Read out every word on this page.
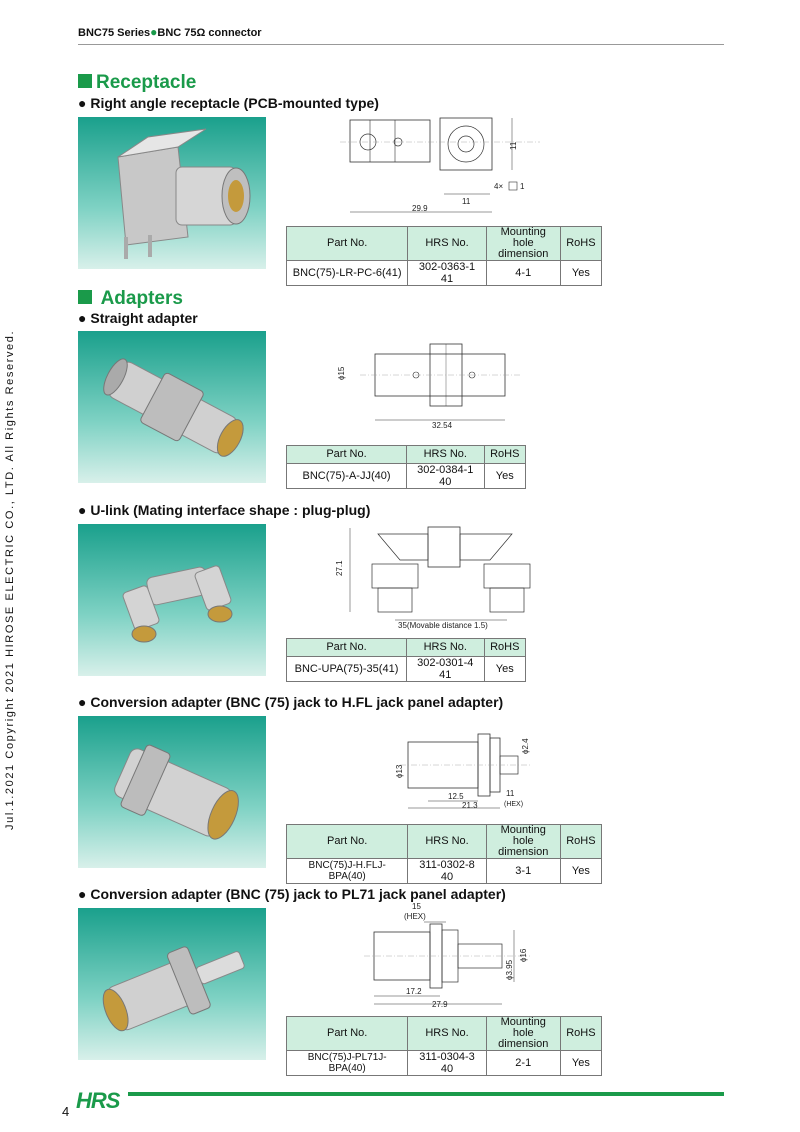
BNC75 Series●BNC 75Ω connector
Jul.1.2021 Copyright 2021 HIROSE ELECTRIC CO., LTD. All Rights Reserved.
Receptacle
● Right angle receptacle (PCB-mounted type)
11
4× 1
11
29.9
Part No.	HRS No.	Mounting hole dimension	RoHS
BNC(75)-LR-PC-6(41)	302-0363-1 41	4-1	Yes
Adapters
● Straight adapter
ϕ15
32.54
Part No.	HRS No.	RoHS
BNC(75)-A-JJ(40)	302-0384-1 40	Yes
● U-link (Mating interface shape : plug-plug)
27.1
35(Movable distance 1.5)
Part No.	HRS No.	RoHS
BNC-UPA(75)-35(41)	302-0301-4 41	Yes
● Conversion adapter (BNC (75) jack to H.FL jack panel adapter)
ϕ13
ϕ2.4
12.5	11
21.3	(HEX)
Part No.	HRS No.	Mounting hole dimension	RoHS
BNC(75)J-H.FLJ-BPA(40)	311-0302-8 40	3-1	Yes
● Conversion adapter (BNC (75) jack to PL71 jack panel adapter)
15
(HEX)
ϕ16
ϕ3.95
17.2
27.9
Part No.	HRS No.	Mounting hole dimension	RoHS
BNC(75)J-PL71J-BPA(40)	311-0304-3 40	2-1	Yes
HRS
4
